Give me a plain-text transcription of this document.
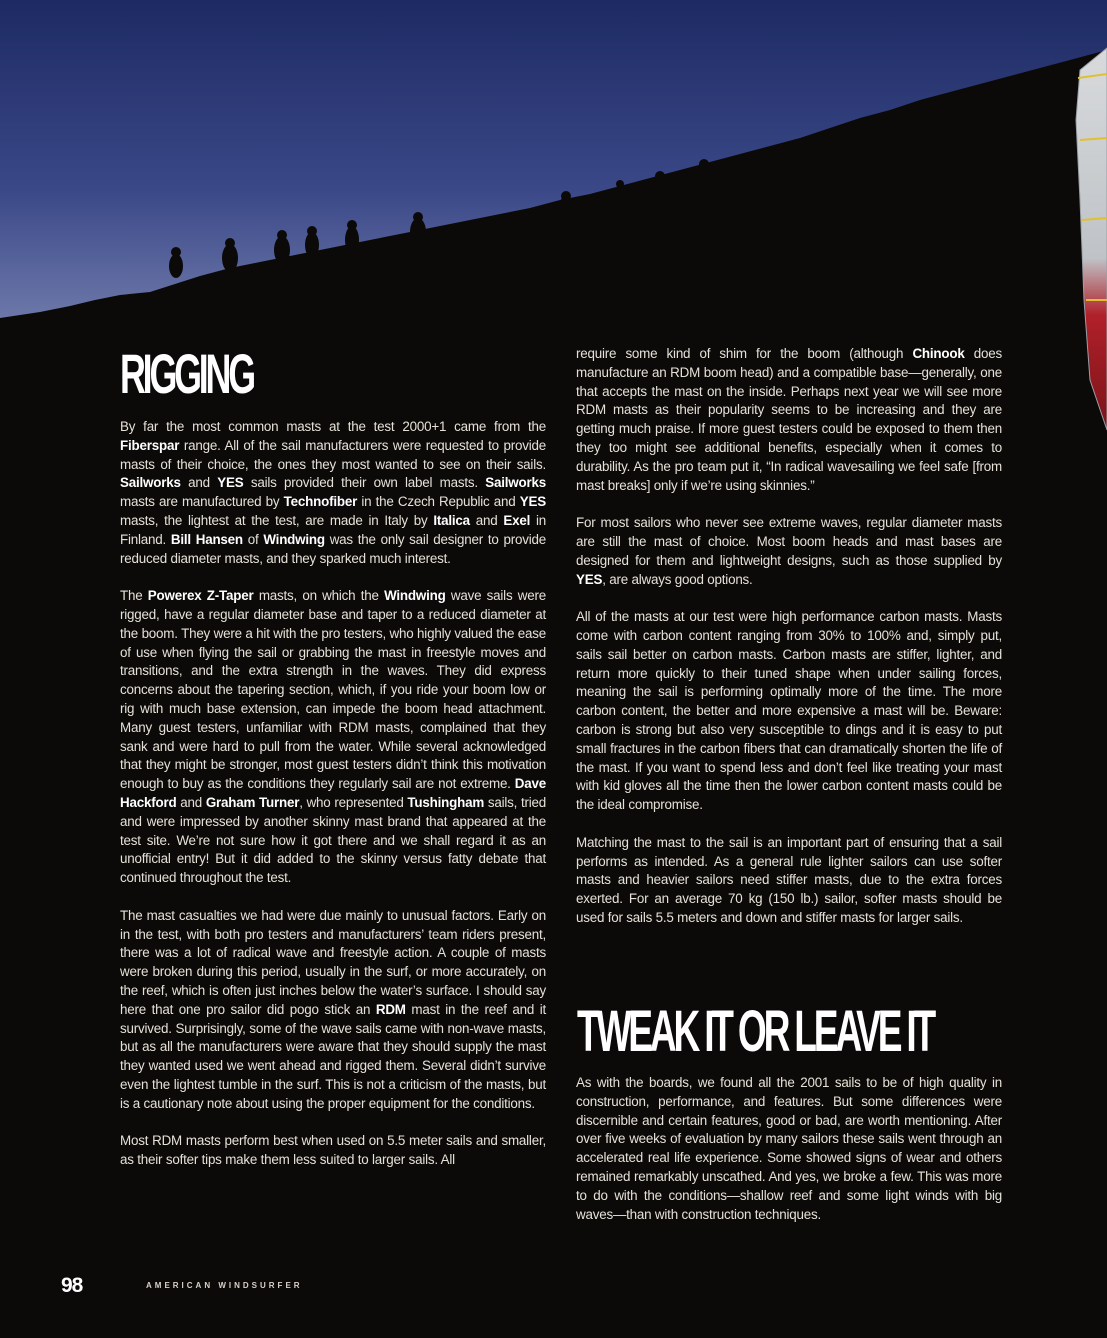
RIGGING

By far the most common masts at the test 2000+1 came from the Fiberspar range. All of the sail manufacturers were requested to provide masts of their choice, the ones they most wanted to see on their sails. Sailworks and YES sails provided their own label masts. Sailworks masts are manufactured by Technofiber in the Czech Republic and YES masts, the lightest at the test, are made in Italy by Italica and Exel in Finland. Bill Hansen of Windwing was the only sail designer to provide reduced diameter masts, and they sparked much interest.

The Powerex Z-Taper masts, on which the Windwing wave sails were rigged, have a regular diameter base and taper to a reduced diameter at the boom. They were a hit with the pro testers, who highly valued the ease of use when flying the sail or grabbing the mast in freestyle moves and transitions, and the extra strength in the waves. They did express concerns about the tapering section, which, if you ride your boom low or rig with much base extension, can impede the boom head attachment. Many guest testers, unfamiliar with RDM masts, complained that they sank and were hard to pull from the water. While several acknowledged that they might be stronger, most guest testers didn’t think this motivation enough to buy as the conditions they regularly sail are not extreme. Dave Hackford and Graham Turner, who represented Tushingham sails, tried and were impressed by another skinny mast brand that appeared at the test site. We’re not sure how it got there and we shall regard it as an unofficial entry! But it did added to the skinny versus fatty debate that continued throughout the test.

The mast casualties we had were due mainly to unusual factors. Early on in the test, with both pro testers and manufacturers’ team riders present, there was a lot of radical wave and freestyle action. A couple of masts were broken during this period, usually in the surf, or more accurately, on the reef, which is often just inches below the water’s surface. I should say here that one pro sailor did pogo stick an RDM mast in the reef and it survived. Surprisingly, some of the wave sails came with non-wave masts, but as all the manufacturers were aware that they should supply the mast they wanted used we went ahead and rigged them. Several didn’t survive even the lightest tumble in the surf. This is not a criticism of the masts, but is a cautionary note about using the proper equipment for the conditions.

Most RDM masts perform best when used on 5.5 meter sails and smaller, as their softer tips make them less suited to larger sails. All

require some kind of shim for the boom (although Chinook does manufacture an RDM boom head) and a compatible base—generally, one that accepts the mast on the inside. Perhaps next year we will see more RDM masts as their popularity seems to be increasing and they are getting much praise. If more guest testers could be exposed to them then they too might see additional benefits, especially when it comes to durability. As the pro team put it, “In radical wavesailing we feel safe [from mast breaks] only if we’re using skinnies.”

For most sailors who never see extreme waves, regular diameter masts are still the mast of choice. Most boom heads and mast bases are designed for them and lightweight designs, such as those supplied by YES, are always good options.

All of the masts at our test were high performance carbon masts. Masts come with carbon content ranging from 30% to 100% and, simply put, sails sail better on carbon masts. Carbon masts are stiffer, lighter, and return more quickly to their tuned shape when under sailing forces, meaning the sail is performing optimally more of the time. The more carbon content, the better and more expensive a mast will be. Beware: carbon is strong but also very susceptible to dings and it is easy to put small fractures in the carbon fibers that can dramatically shorten the life of the mast. If you want to spend less and don’t feel like treating your mast with kid gloves all the time then the lower carbon content masts could be the ideal compromise.

Matching the mast to the sail is an important part of ensuring that a sail performs as intended. As a general rule lighter sailors can use softer masts and heavier sailors need stiffer masts, due to the extra forces exerted. For an average 70 kg (150 lb.) sailor, softer masts should be used for sails 5.5 meters and down and stiffer masts for larger sails.

TWEAK IT OR LEAVE IT

As with the boards, we found all the 2001 sails to be of high quality in construction, performance, and features. But some differences were discernible and certain features, good or bad, are worth mentioning. After over five weeks of evaluation by many sailors these sails went through an accelerated real life experience. Some showed signs of wear and others remained remarkably unscathed. And yes, we broke a few. This was more to do with the conditions—shallow reef and some light winds with big waves—than with construction techniques.

98	AMERICAN WINDSURFER
